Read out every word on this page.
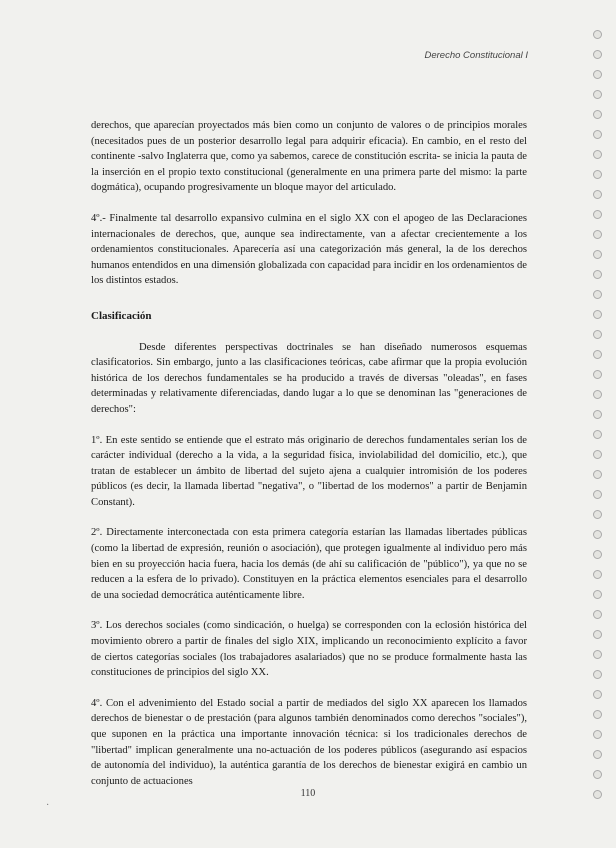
Derecho Constitucional I

derechos, que aparecían proyectados más bien como un conjunto de valores o de principios morales (necesitados pues de un posterior desarrollo legal para adquirir eficacia). En cambio, en el resto del continente -salvo Inglaterra que, como ya sabemos, carece de constitución escrita- se inicia la pauta de la inserción en el propio texto constitucional (generalmente en una primera parte del mismo: la parte dogmática), ocupando progresivamente un bloque mayor del articulado.

4º.- Finalmente tal desarrollo expansivo culmina en el siglo XX con el apogeo de las Declaraciones internacionales de derechos, que, aunque sea indirectamente, van a afectar crecientemente a los ordenamientos constitucionales. Aparecería así una categorización más general, la de los derechos humanos entendidos en una dimensión globalizada con capacidad para incidir en los ordenamientos de los distintos estados.

Clasificación

Desde diferentes perspectivas doctrinales se han diseñado numerosos esquemas clasificatorios. Sin embargo, junto a las clasificaciones teóricas, cabe afirmar que la propia evolución histórica de los derechos fundamentales se ha producido a través de diversas "oleadas", en fases determinadas y relativamente diferenciadas, dando lugar a lo que se denominan las "generaciones de derechos":

1º. En este sentido se entiende que el estrato más originario de derechos fundamentales serían los de carácter individual (derecho a la vida, a la seguridad física, inviolabilidad del domicilio, etc.), que tratan de establecer un ámbito de libertad del sujeto ajena a cualquier intromisión de los poderes públicos (es decir, la llamada libertad "negativa", o "libertad de los modernos" a partir de Benjamin Constant).

2º. Directamente interconectada con esta primera categoría estarían las llamadas libertades públicas (como la libertad de expresión, reunión o asociación), que protegen igualmente al individuo pero más bien en su proyección hacia fuera, hacia los demás (de ahí su calificación de "público"), ya que no se reducen a la esfera de lo privado). Constituyen en la práctica elementos esenciales para el desarrollo de una sociedad democrática auténticamente libre.

3º. Los derechos sociales (como sindicación, o huelga) se corresponden con la eclosión histórica del movimiento obrero a partir de finales del siglo XIX, implicando un reconocimiento explícito a favor de ciertos categorías sociales (los trabajadores asalariados) que no se produce formalmente hasta las constituciones de principios del siglo XX.

4º. Con el advenimiento del Estado social a partir de mediados del siglo XX aparecen los llamados derechos de bienestar o de prestación (para algunos también denominados como derechos "sociales"), que suponen en la práctica una importante innovación técnica: si los tradicionales derechos de "libertad" implican generalmente una no-actuación de los poderes públicos (asegurando así espacios de autonomía del individuo), la auténtica garantía de los derechos de bienestar exigirá en cambio un conjunto de actuaciones

110
·
